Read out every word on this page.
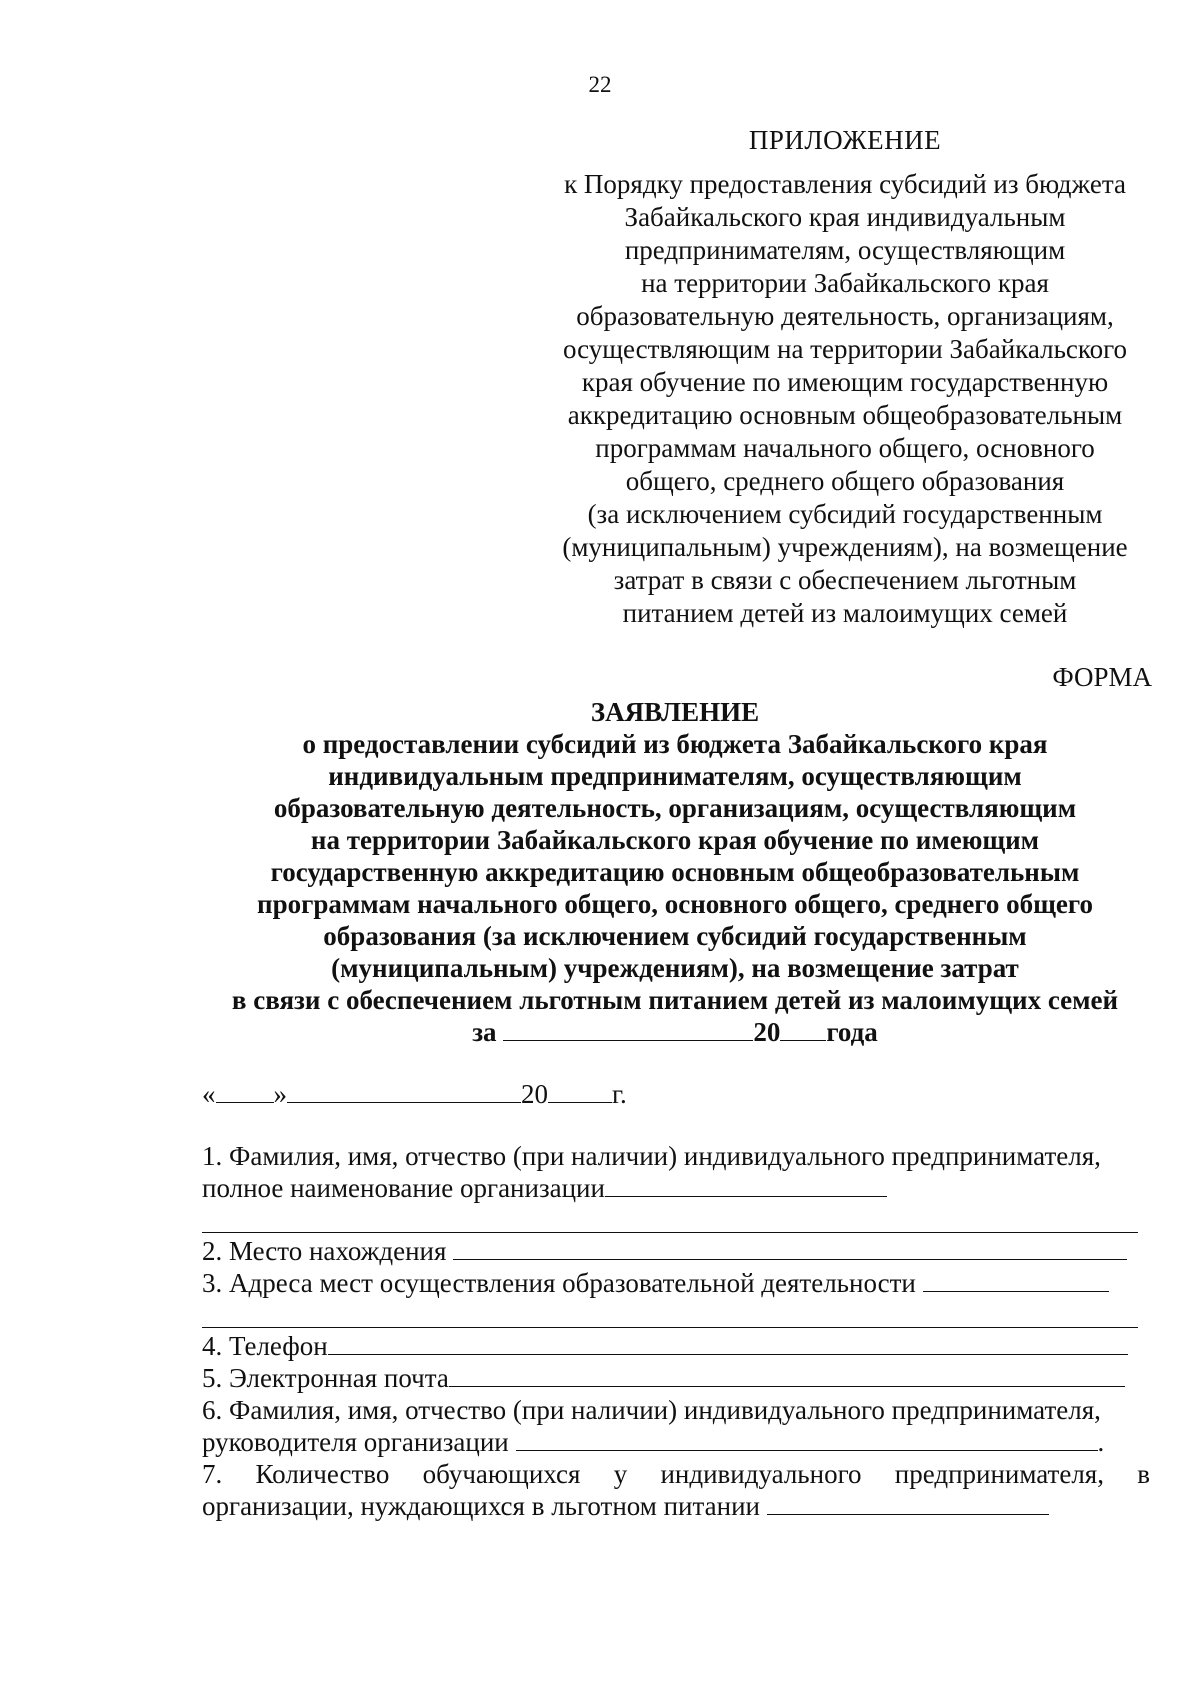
22
ПРИЛОЖЕНИЕ
к Порядку предоставления субсидий из бюджета
Забайкальского края индивидуальным
предпринимателям, осуществляющим
на территории Забайкальского края
образовательную деятельность, организациям,
осуществляющим на территории Забайкальского
края обучение по имеющим государственную
аккредитацию основным общеобразовательным
программам начального общего, основного
общего, среднего общего образования
(за исключением субсидий государственным
(муниципальным) учреждениям), на возмещение
затрат в связи с обеспечением льготным
питанием детей из малоимущих семей
ФОРМА
ЗАЯВЛЕНИЕ
о предоставлении субсидий из бюджета Забайкальского края
индивидуальным предпринимателям, осуществляющим
образовательную деятельность, организациям, осуществляющим
на территории Забайкальского края обучение по имеющим
государственную аккредитацию основным общеобразовательным
программам начального общего, основного общего, среднего общего
образования (за исключением субсидий государственным
(муниципальным) учреждениям), на возмещение затрат
в связи с обеспечением льготным питанием детей из малоимущих семей
за	20 года
« »	20 г.
1. Фамилия, имя, отчество (при наличии) индивидуального предпринимателя,
полное наименование организации
2. Место нахождения
3. Адреса мест осуществления образовательной деятельности
4. Телефон
5. Электронная почта
6. Фамилия, имя, отчество (при наличии) индивидуального предпринимателя,
руководителя организации	.
7. Количество обучающихся у индивидуального предпринимателя, в
организации, нуждающихся в льготном питании
